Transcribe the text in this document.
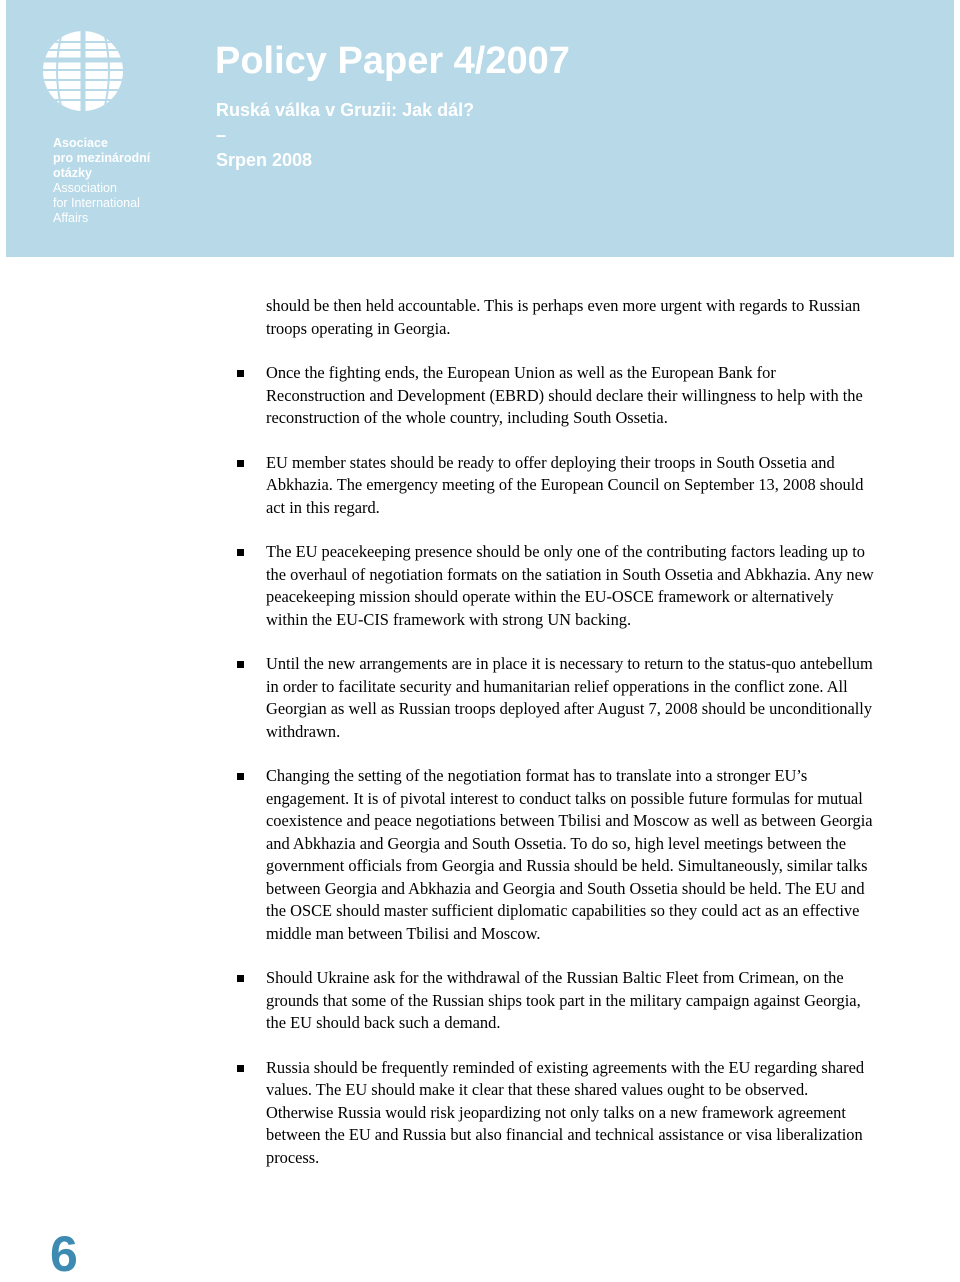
Asociace
pro mezinárodní
otázky
Association
for International
Affairs
Policy Paper 4/2007
Ruská válka v Gruzii: Jak dál?
–
Srpen 2008

should be then held accountable. This is perhaps even more urgent with regards to Russian troops operating in Georgia.

Once the fighting ends, the European Union as well as the European Bank for Reconstruction and Development (EBRD) should declare their willingness to help with the reconstruction of the whole country, including South Ossetia.
EU member states should be ready to offer deploying their troops in South Ossetia and Abkhazia. The emergency meeting of the European Council on September 13, 2008 should act in this regard.
The EU peacekeeping presence should be only one of the contributing factors leading up to the overhaul of negotiation formats on the satiation in South Ossetia and Abkhazia. Any new peacekeeping mission should operate within the EU-OSCE framework or alternatively within the EU-CIS framework with strong UN backing.
Until the new arrangements are in place it is necessary to return to the status-quo antebellum in order to facilitate security and humanitarian relief opperations in the conflict zone. All Georgian as well as Russian troops deployed after August 7, 2008 should be unconditionally withdrawn.
Changing the setting of the negotiation format has to translate into a stronger EU’s engagement. It is of pivotal interest to conduct talks on possible future formulas for mutual coexistence and peace negotiations between Tbilisi and Moscow as well as between Georgia and Abkhazia and Georgia and South Ossetia. To do so, high level meetings between the government officials from Georgia and Russia should be held. Simultaneously, similar talks between Georgia and Abkhazia and Georgia and South Ossetia should be held. The EU and the OSCE should master sufficient diplomatic capabilities so they could act as an effective middle man between Tbilisi and Moscow.
Should Ukraine ask for the withdrawal of the Russian Baltic Fleet from Crimean, on the grounds that some of the Russian ships took part in the military campaign against Georgia, the EU should back such a demand.
Russia should be frequently reminded of existing agreements with the EU regarding shared values. The EU should make it clear that these shared values ought to be observed. Otherwise Russia would risk jeopardizing not only talks on a new framework agreement between the EU and Russia but also financial and technical assistance or visa liberalization process.
6
